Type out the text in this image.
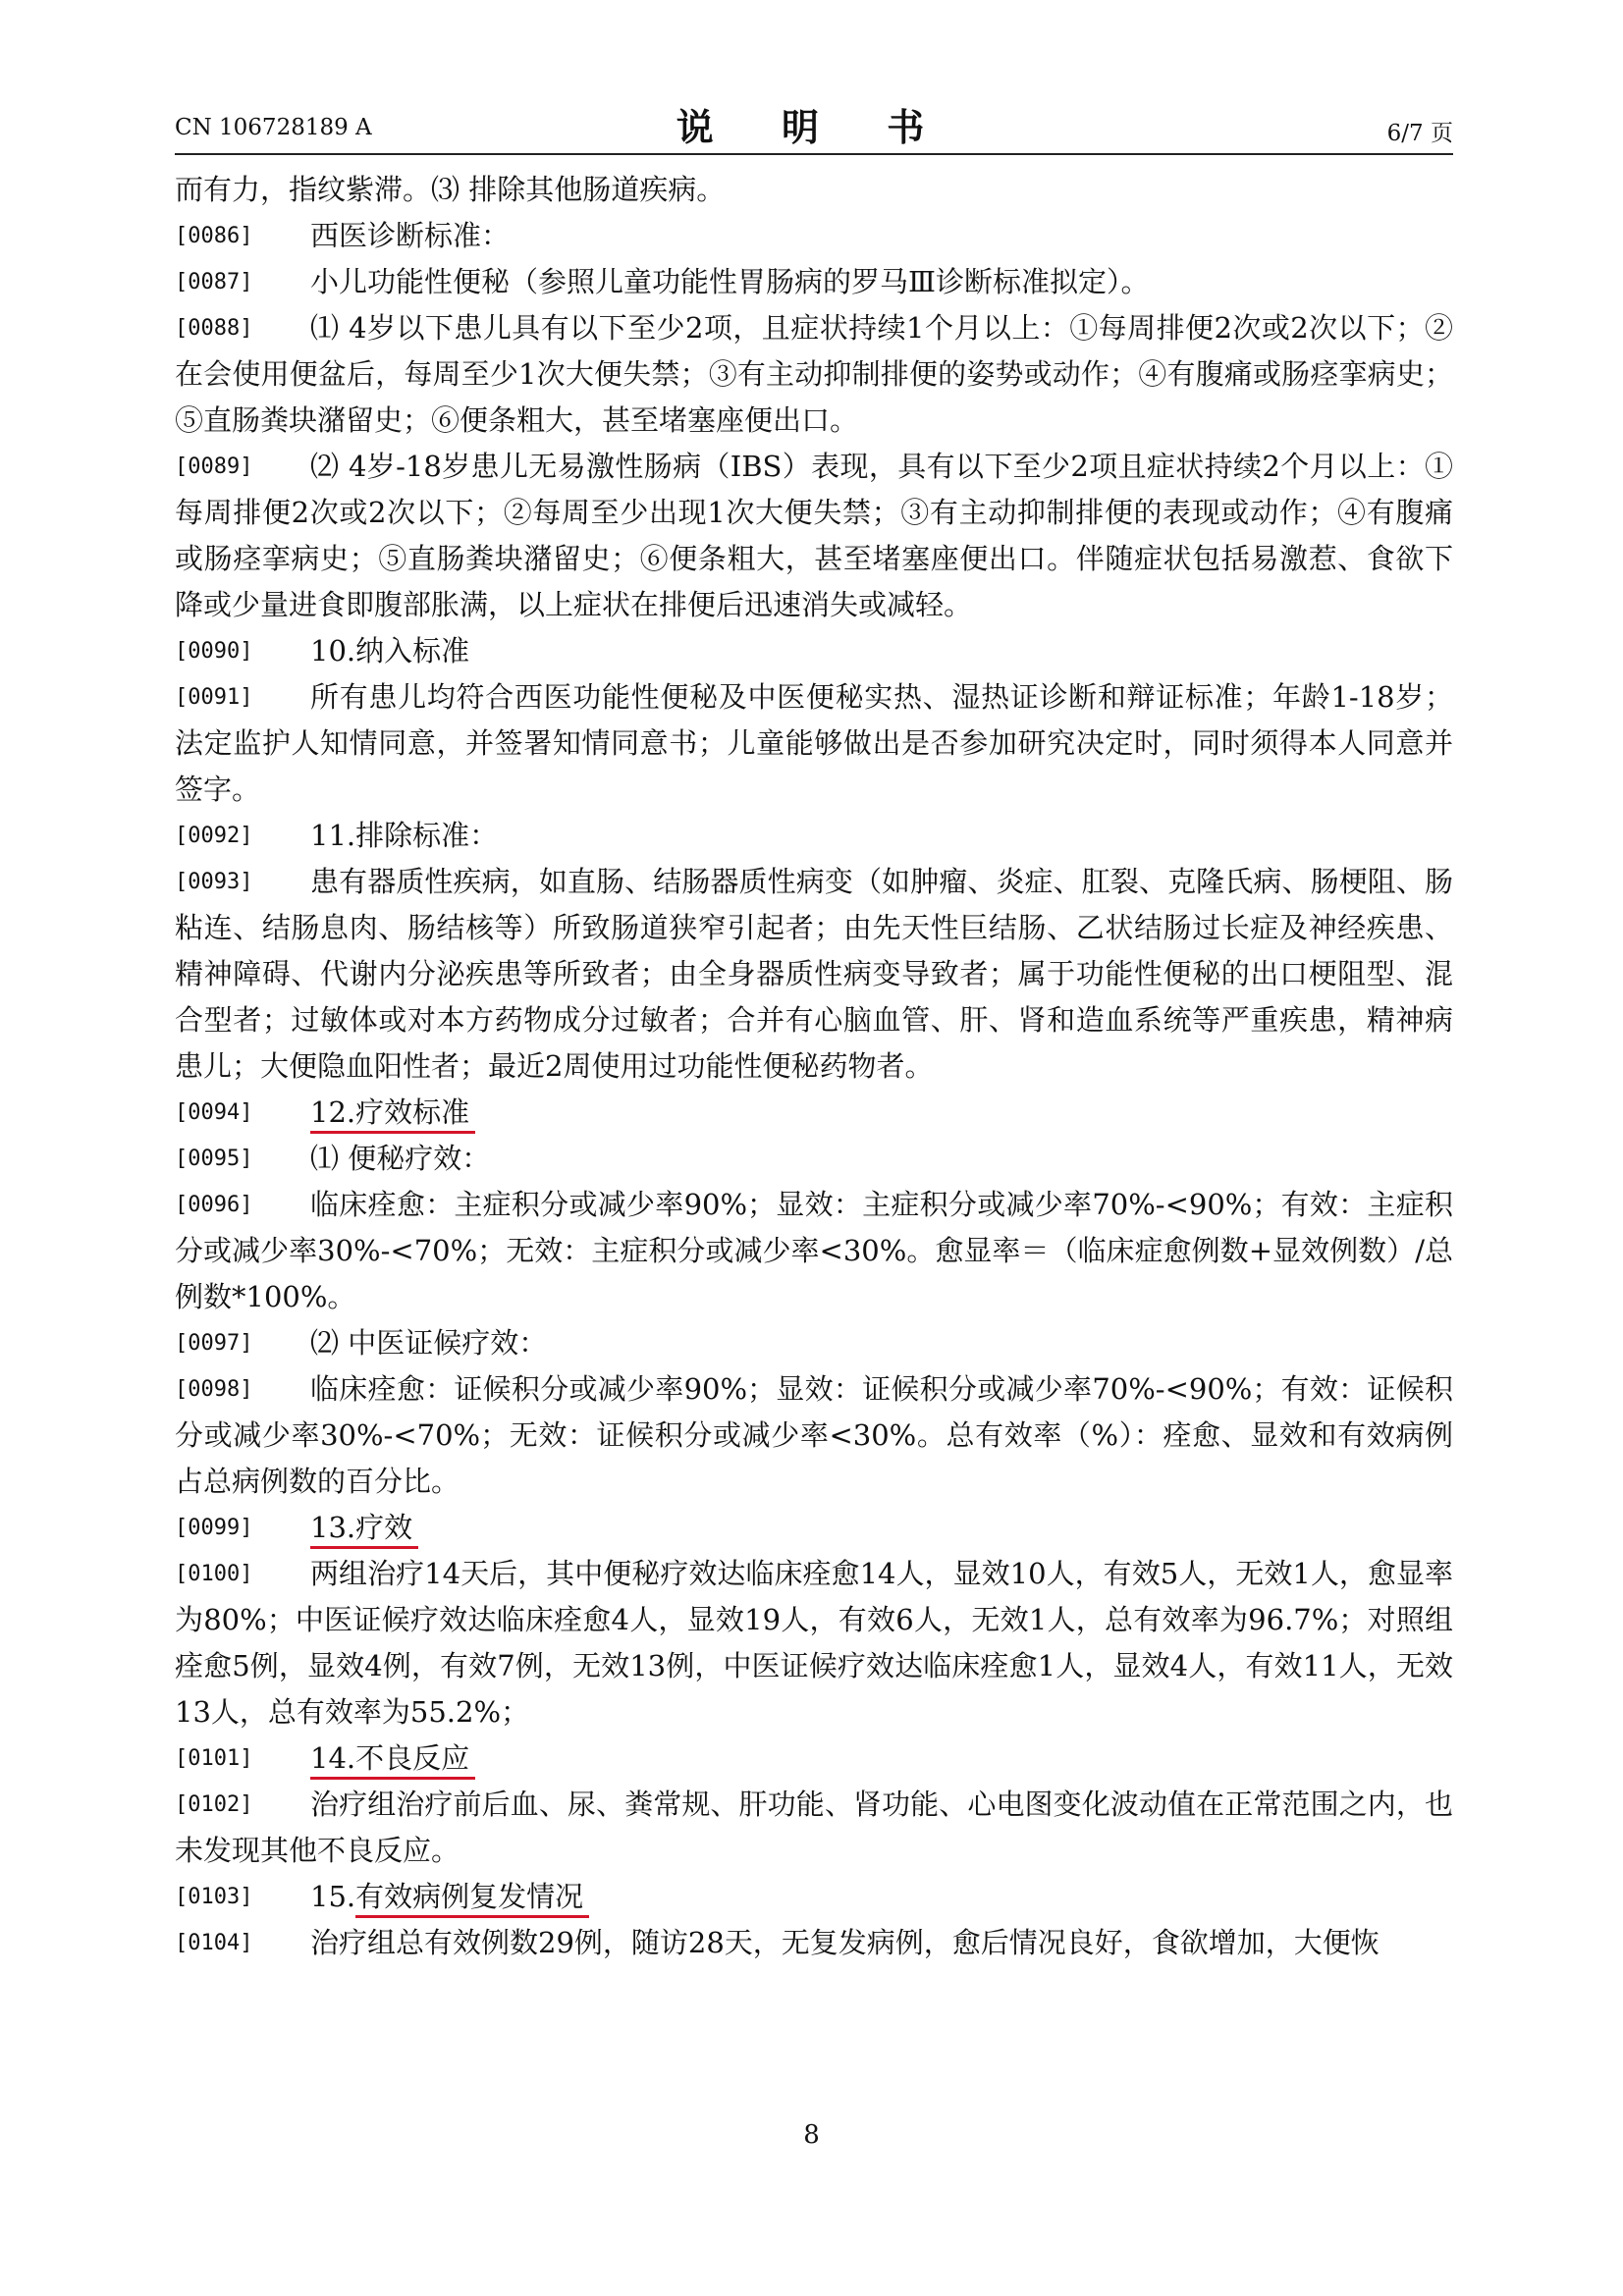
CN 106728189 A	说 明 书	6/7 页

而有力，指纹紫滞。⑶ 排除其他肠道疾病。

[0086] 西医诊断标准：

[0087] 小儿功能性便秘（参照儿童功能性胃肠病的罗马Ⅲ诊断标准拟定）。

[0088] ⑴ 4岁以下患儿具有以下至少2项，且症状持续1个月以上：①每周排便2次或2次以下；②在会使用便盆后，每周至少1次大便失禁；③有主动抑制排便的姿势或动作；④有腹痛或肠痉挛病史；⑤直肠粪块潴留史；⑥便条粗大，甚至堵塞座便出口。

[0089] ⑵ 4岁-18岁患儿无易激性肠病（IBS）表现，具有以下至少2项且症状持续2个月以上：①每周排便2次或2次以下；②每周至少出现1次大便失禁；③有主动抑制排便的表现或动作；④有腹痛或肠痉挛病史；⑤直肠粪块潴留史；⑥便条粗大，甚至堵塞座便出口。伴随症状包括易激惹、食欲下降或少量进食即腹部胀满，以上症状在排便后迅速消失或减轻。

[0090] 10.纳入标准

[0091] 所有患儿均符合西医功能性便秘及中医便秘实热、湿热证诊断和辩证标准；年龄1-18岁；法定监护人知情同意，并签署知情同意书；儿童能够做出是否参加研究决定时，同时须得本人同意并签字。

[0092] 11.排除标准：

[0093] 患有器质性疾病，如直肠、结肠器质性病变（如肿瘤、炎症、肛裂、克隆氏病、肠梗阻、肠粘连、结肠息肉、肠结核等）所致肠道狭窄引起者；由先天性巨结肠、乙状结肠过长症及神经疾患、精神障碍、代谢内分泌疾患等所致者；由全身器质性病变导致者；属于功能性便秘的出口梗阻型、混合型者；过敏体或对本方药物成分过敏者；合并有心脑血管、肝、肾和造血系统等严重疾患，精神病患儿；大便隐血阳性者；最近2周使用过功能性便秘药物者。

[0094] 12.疗效标准

[0095] ⑴ 便秘疗效：

[0096] 临床痊愈：主症积分或减少率90%；显效：主症积分或减少率70%-<90%；有效：主症积分或减少率30%-<70%；无效：主症积分或减少率<30%。愈显率＝（临床症愈例数+显效例数）/总例数*100%。

[0097] ⑵ 中医证候疗效：

[0098] 临床痊愈：证候积分或减少率90%；显效：证候积分或减少率70%-<90%；有效：证候积分或减少率30%-<70%；无效：证候积分或减少率<30%。总有效率（%）：痊愈、显效和有效病例占总病例数的百分比。

[0099] 13.疗效

[0100] 两组治疗14天后，其中便秘疗效达临床痊愈14人，显效10人，有效5人，无效1人，愈显率为80%；中医证候疗效达临床痊愈4人，显效19人，有效6人，无效1人，总有效率为96.7%；对照组痊愈5例，显效4例，有效7例，无效13例，中医证候疗效达临床痊愈1人，显效4人，有效11人，无效13人，总有效率为55.2%；

[0101] 14.不良反应

[0102] 治疗组治疗前后血、尿、粪常规、肝功能、肾功能、心电图变化波动值在正常范围之内，也未发现其他不良反应。

[0103] 15.有效病例复发情况

[0104] 治疗组总有效例数29例，随访28天，无复发病例，愈后情况良好，食欲增加，大便恢

8
